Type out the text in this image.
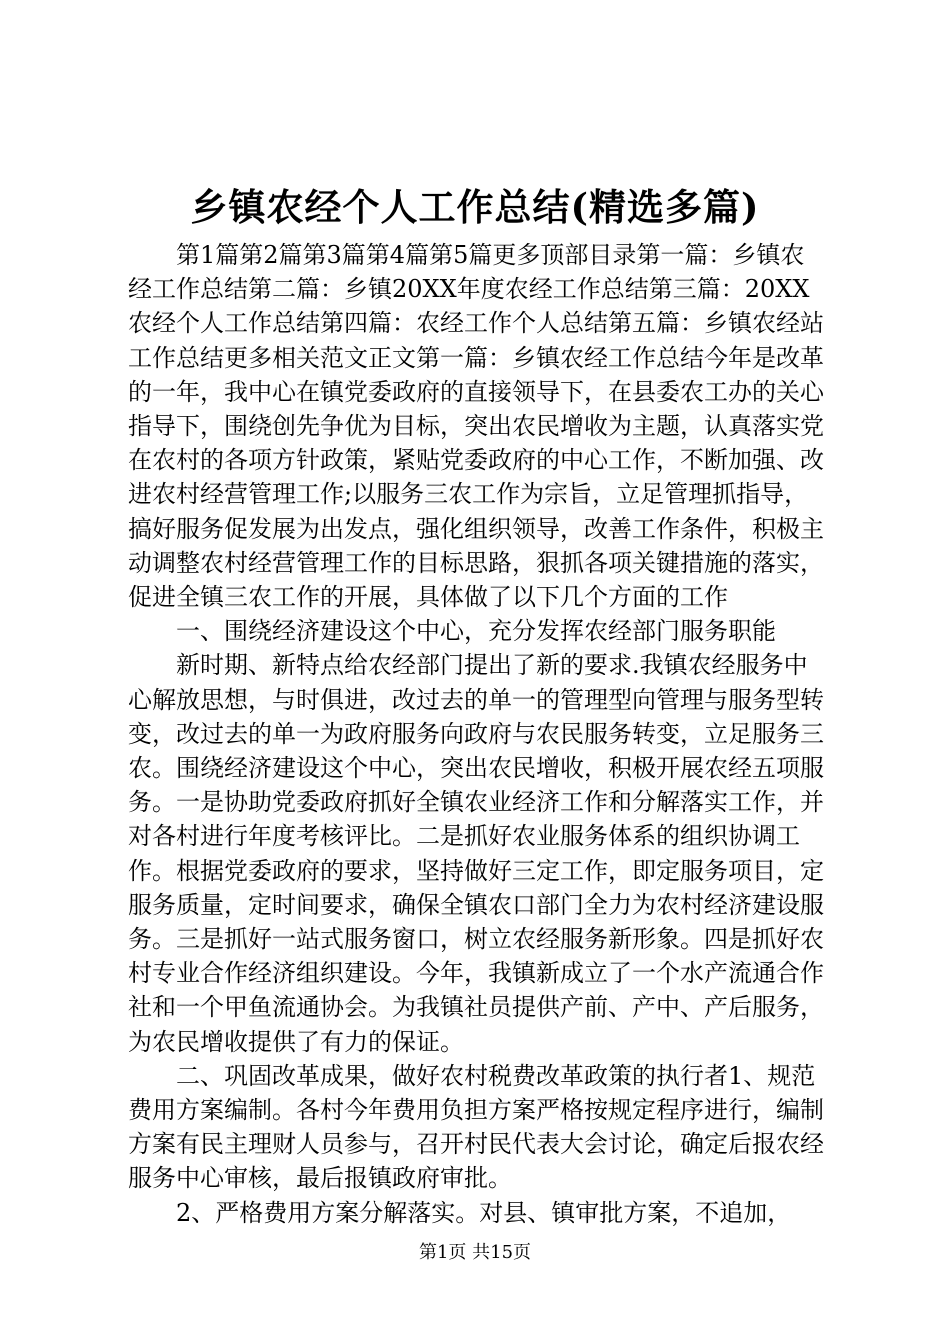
乡镇农经个人工作总结(精选多篇)

第1篇第2篇第3篇第4篇第5篇更多顶部目录第一篇：乡镇农经工作总结第二篇：乡镇20XX年度农经工作总结第三篇：20XX农经个人工作总结第四篇：农经工作个人总结第五篇：乡镇农经站工作总结更多相关范文正文第一篇：乡镇农经工作总结今年是改革的一年，我中心在镇党委政府的直接领导下，在县委农工办的关心指导下，围绕创先争优为目标，突出农民增收为主题，认真落实党在农村的各项方针政策，紧贴党委政府的中心工作，不断加强、改进农村经营管理工作;以服务三农工作为宗旨，立足管理抓指导，搞好服务促发展为出发点，强化组织领导，改善工作条件，积极主动调整农村经营管理工作的目标思路，狠抓各项关键措施的落实，促进全镇三农工作的开展，具体做了以下几个方面的工作

一、围绕经济建设这个中心，充分发挥农经部门服务职能

新时期、新特点给农经部门提出了新的要求.我镇农经服务中心解放思想，与时俱进，改过去的单一的管理型向管理与服务型转变，改过去的单一为政府服务向政府与农民服务转变，立足服务三农。围绕经济建设这个中心，突出农民增收，积极开展农经五项服务。一是协助党委政府抓好全镇农业经济工作和分解落实工作，并对各村进行年度考核评比。二是抓好农业服务体系的组织协调工作。根据党委政府的要求，坚持做好三定工作，即定服务项目，定服务质量，定时间要求，确保全镇农口部门全力为农村经济建设服务。三是抓好一站式服务窗口，树立农经服务新形象。四是抓好农村专业合作经济组织建设。今年，我镇新成立了一个水产流通合作社和一个甲鱼流通协会。为我镇社员提供产前、产中、产后服务，为农民增收提供了有力的保证。

二、巩固改革成果，做好农村税费改革政策的执行者1、规范费用方案编制。各村今年费用负担方案严格按规定程序进行，编制方案有民主理财人员参与，召开村民代表大会讨论，确定后报农经服务中心审核，最后报镇政府审批。

2、严格费用方案分解落实。对县、镇审批方案，不追加，

第1页 共15页
